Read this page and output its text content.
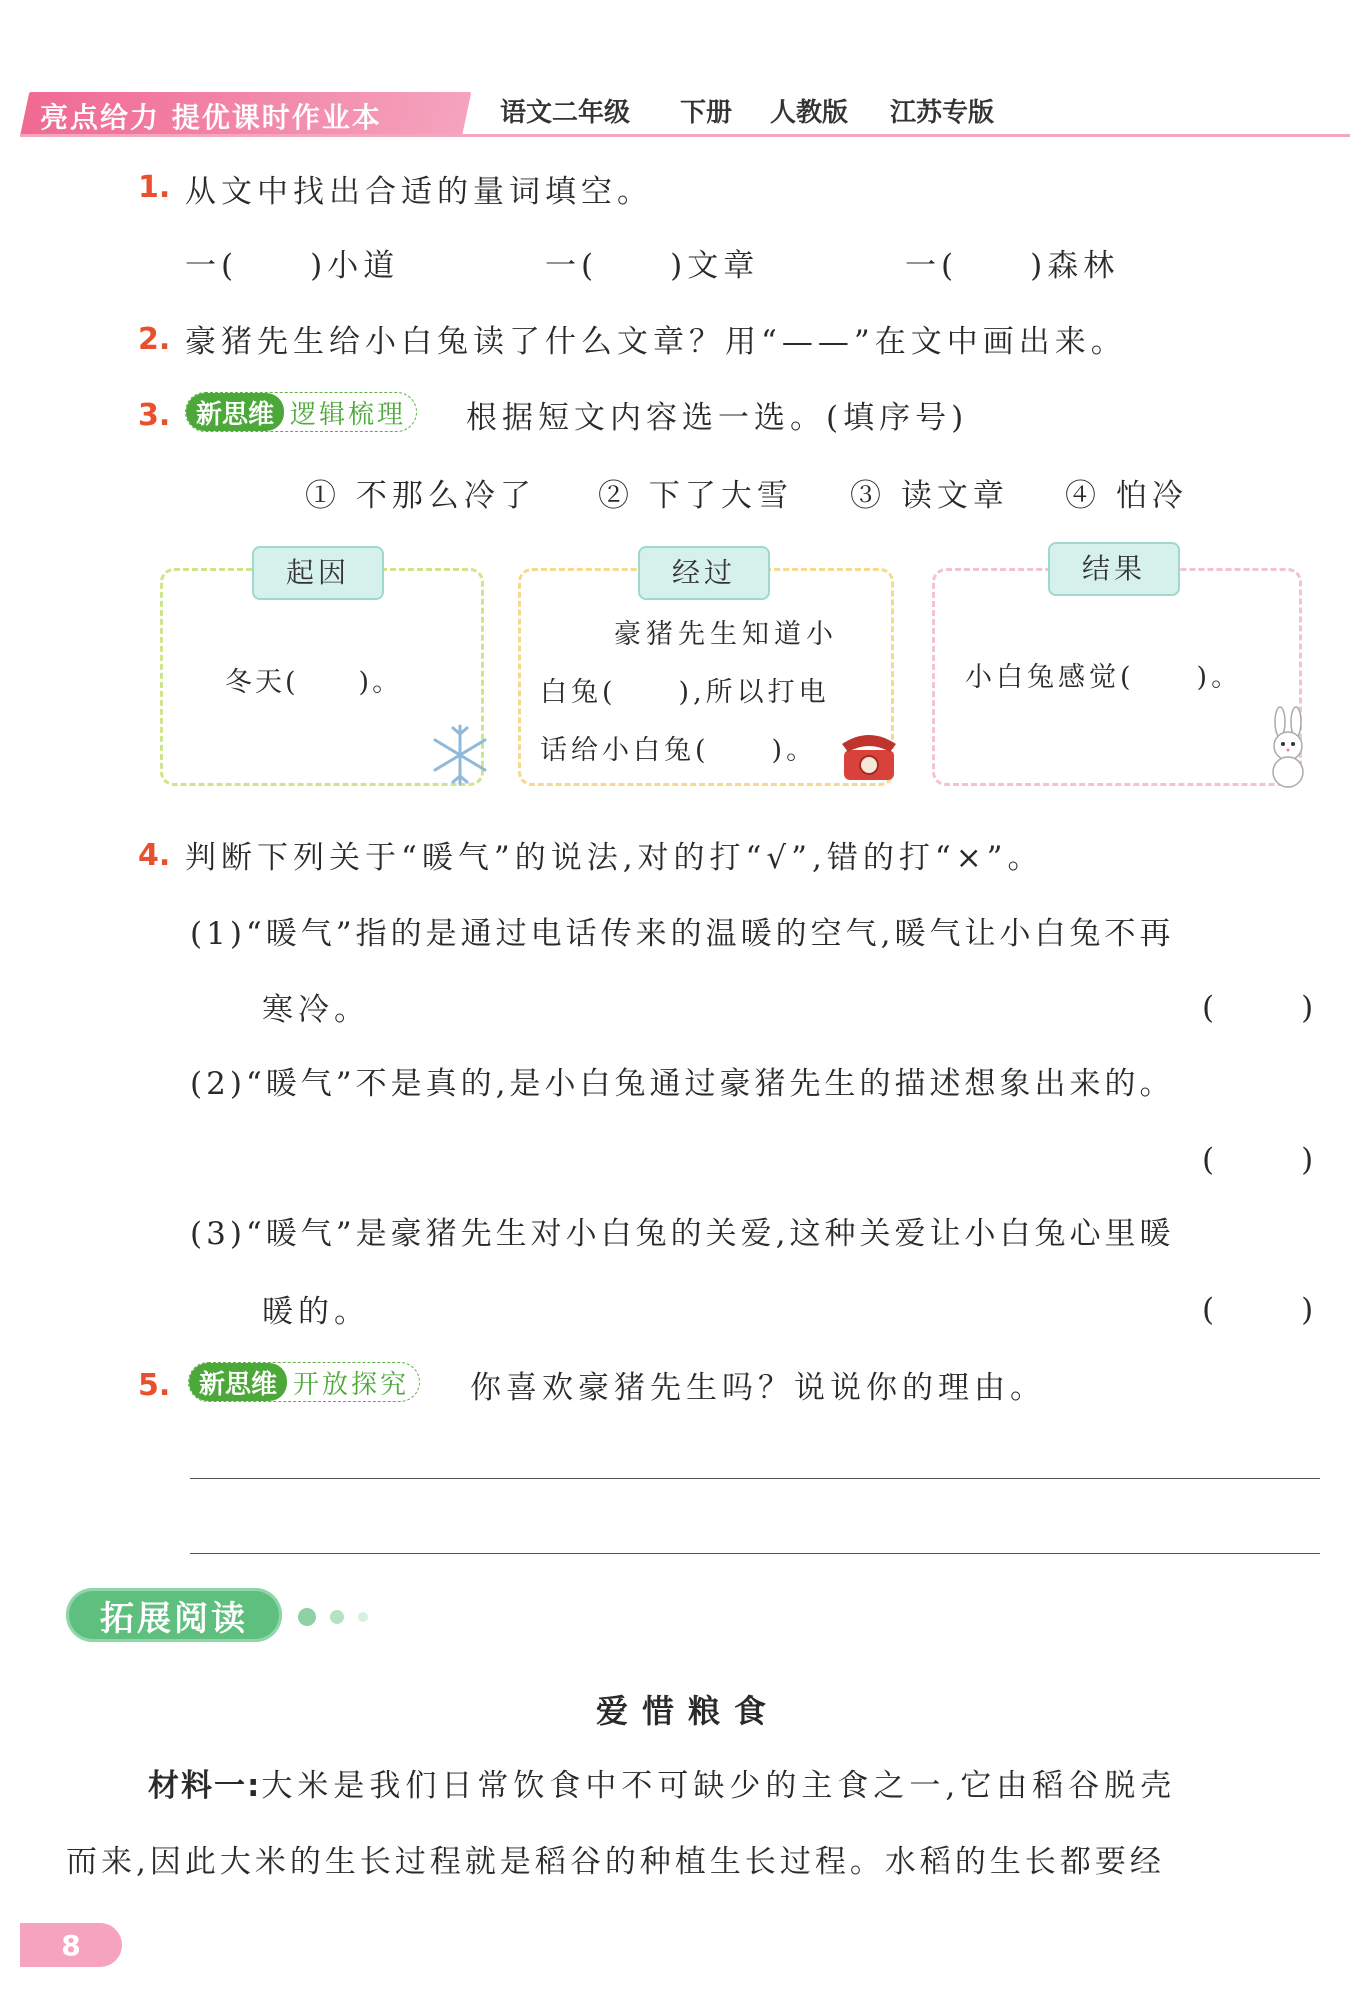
亮点给力 提优课时作业本	语文二年级 下册 人教版 江苏专版
1. 从文中找出合适的量词填空。
一(　　)小道	一(　　)文章	一(　　)森林
2. 豪猪先生给小白兔读了什么文章？用“——”在文中画出来。
3. 新思维 逻辑梳理	根据短文内容选一选。(填序号)
① 不那么冷了 ② 下了大雪 ③ 读文章 ④ 怕冷
起因
冬天(　　)。
经过
豪猪先生知道小
白兔(　　),所以打电
话给小白兔(　　)。
结果
小白兔感觉(　　)。
4. 判断下列关于“暖气”的说法,对的打“√”,错的打“×”。
(1)“暖气”指的是通过电话传来的温暖的空气,暖气让小白兔不再
寒冷。	(　)
(2)“暖气”不是真的,是小白兔通过豪猪先生的描述想象出来的。
(　)
(3)“暖气”是豪猪先生对小白兔的关爱,这种关爱让小白兔心里暖
暖的。	(　)
5.	新思维 开放探究	你喜欢豪猪先生吗？说说你的理由。
拓展阅读
爱惜粮食
材料一:大米是我们日常饮食中不可缺少的主食之一,它由稻谷脱壳
而来,因此大米的生长过程就是稻谷的种植生长过程。水稻的生长都要经
8
